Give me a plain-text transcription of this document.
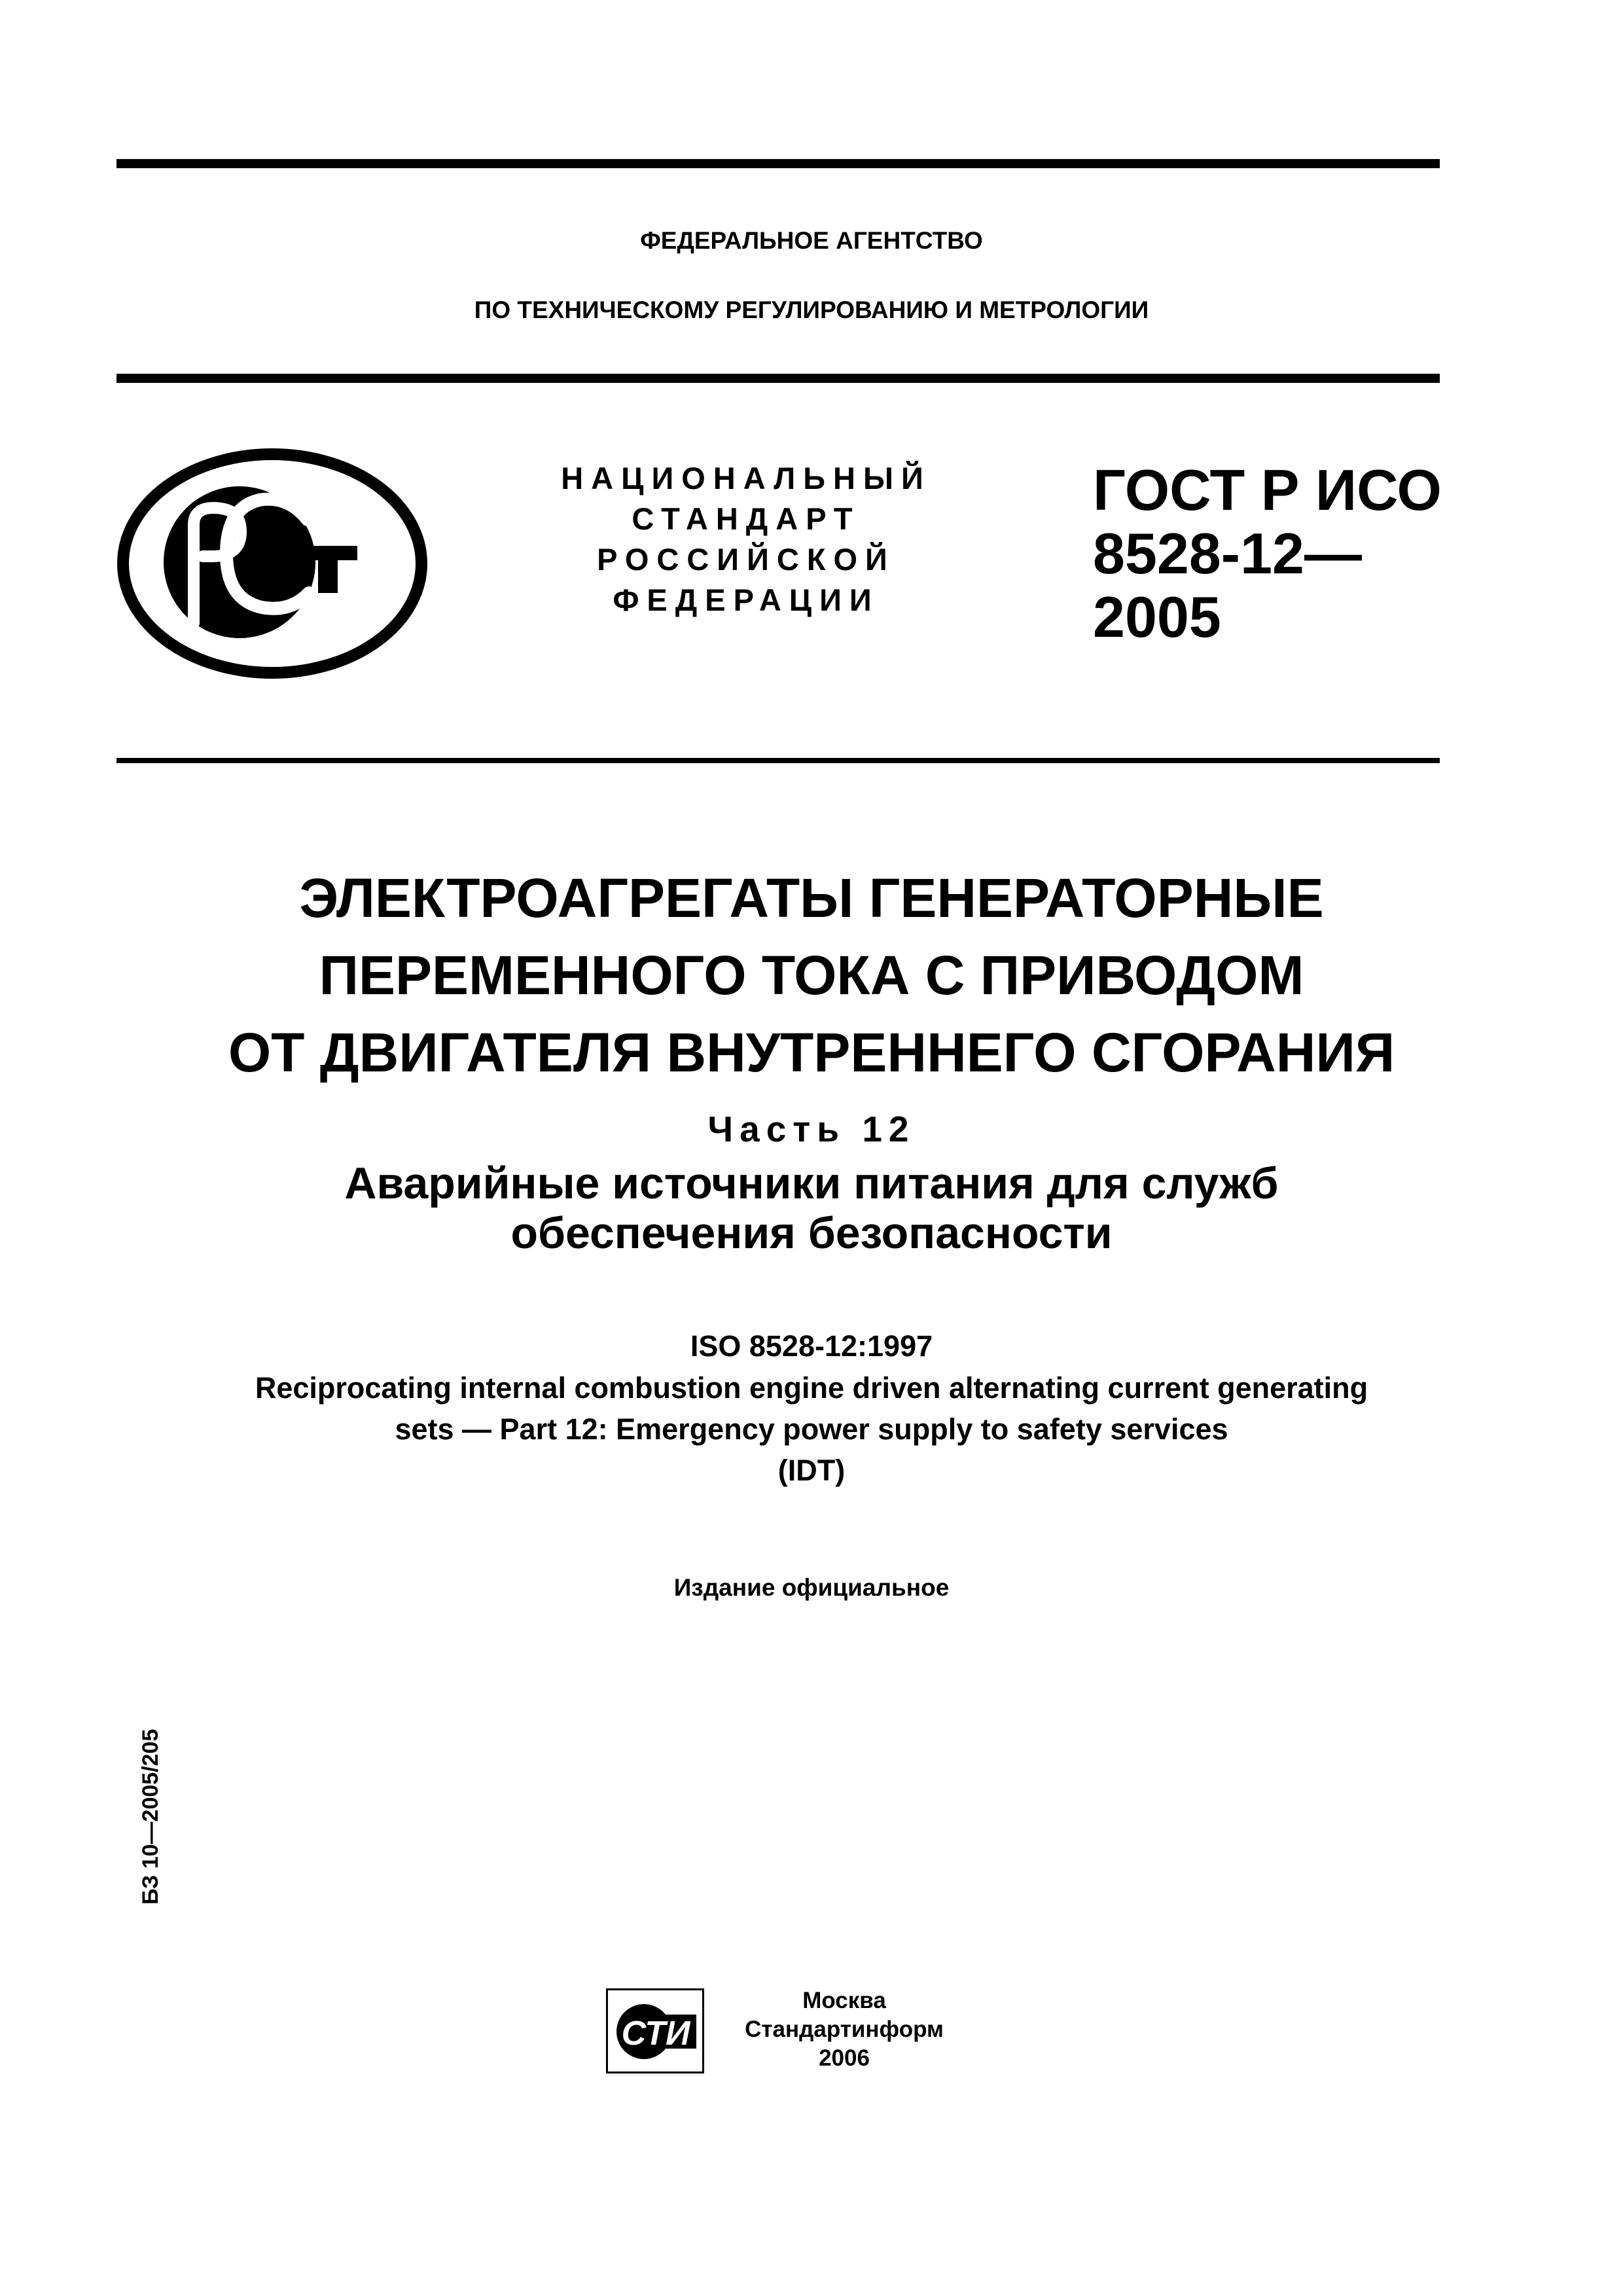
ФЕДЕРАЛЬНОЕ АГЕНТСТВО
ПО ТЕХНИЧЕСКОМУ РЕГУЛИРОВАНИЮ И МЕТРОЛОГИИ
НАЦИОНАЛЬНЫЙ
СТАНДАРТ
РОССИЙСКОЙ
ФЕДЕРАЦИИ
ГОСТ Р ИСО
8528-12—
2005
ЭЛЕКТРОАГРЕГАТЫ ГЕНЕРАТОРНЫЕ
ПЕРЕМЕННОГО ТОКА С ПРИВОДОМ
ОТ ДВИГАТЕЛЯ ВНУТРЕННЕГО СГОРАНИЯ
Часть 12
Аварийные источники питания для служб
обеспечения безопасности
ISO 8528-12:1997
Reciprocating internal combustion engine driven alternating current generating
sets — Part 12: Emergency power supply to safety services
(IDT)
Издание официальное
БЗ 10—2005/205
СТИ
Москва
Стандартинформ
2006
